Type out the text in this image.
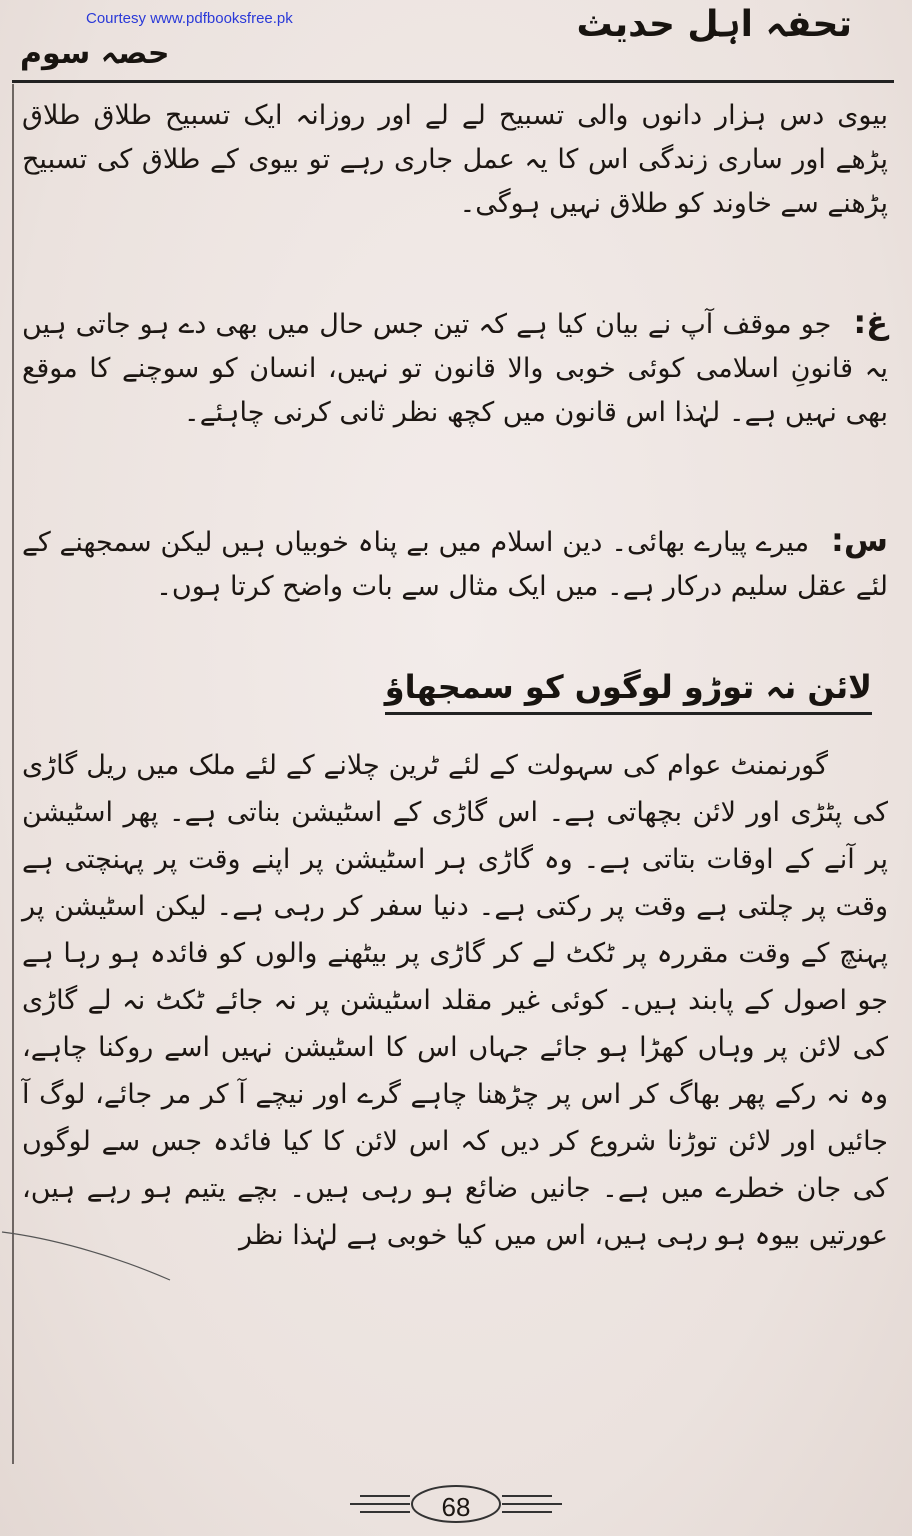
Courtesy www.pdfbooksfree.pk	تحفہ اہل حدیث
حصہ سوم
بیوی دس ہزار دانوں والی تسبیح لے لے اور روزانہ ایک تسبیح طلاق طلاق پڑھے اور ساری زندگی اس کا یہ عمل جاری رہے تو بیوی کے طلاق کی تسبیح پڑھنے سے خاوند کو طلاق نہیں ہوگی۔
غ:جو موقف آپ نے بیان کیا ہے کہ تین جس حال میں بھی دے ہو جاتی ہیں یہ قانونِ اسلامی کوئی خوبی والا قانون تو نہیں، انسان کو سوچنے کا موقع بھی نہیں ہے۔ لہٰذا اس قانون میں کچھ نظر ثانی کرنی چاہئے۔
س:میرے پیارے بھائی۔ دین اسلام میں بے پناہ خوبیاں ہیں لیکن سمجھنے کے لئے عقل سلیم درکار ہے۔ میں ایک مثال سے بات واضح کرتا ہوں۔
لائن نہ توڑو لوگوں کو سمجھاؤ
گورنمنٹ عوام کی سہولت کے لئے ٹرین چلانے کے لئے ملک میں ریل گاڑی کی پٹڑی اور لائن بچھاتی ہے۔ اس گاڑی کے اسٹیشن بناتی ہے۔ پھر اسٹیشن پر آنے کے اوقات بتاتی ہے۔ وہ گاڑی ہر اسٹیشن پر اپنے وقت پر پہنچتی ہے وقت پر چلتی ہے وقت پر رکتی ہے۔ دنیا سفر کر رہی ہے۔ لیکن اسٹیشن پر پہنچ کے وقت مقررہ پر ٹکٹ لے کر گاڑی پر بیٹھنے والوں کو فائدہ ہو رہا ہے جو اصول کے پابند ہیں۔ کوئی غیر مقلد اسٹیشن پر نہ جائے ٹکٹ نہ لے گاڑی کی لائن پر وہاں کھڑا ہو جائے جہاں اس کا اسٹیشن نہیں اسے روکنا چاہے، وہ نہ رکے پھر بھاگ کر اس پر چڑھنا چاہے گرے اور نیچے آ کر مر جائے، لوگ آ جائیں اور لائن توڑنا شروع کر دیں کہ اس لائن کا کیا فائدہ جس سے لوگوں کی جان خطرے میں ہے۔ جانیں ضائع ہو رہی ہیں۔ بچے یتیم ہو رہے ہیں، عورتیں بیوہ ہو رہی ہیں، اس میں کیا خوبی ہے لہٰذا نظر
68
